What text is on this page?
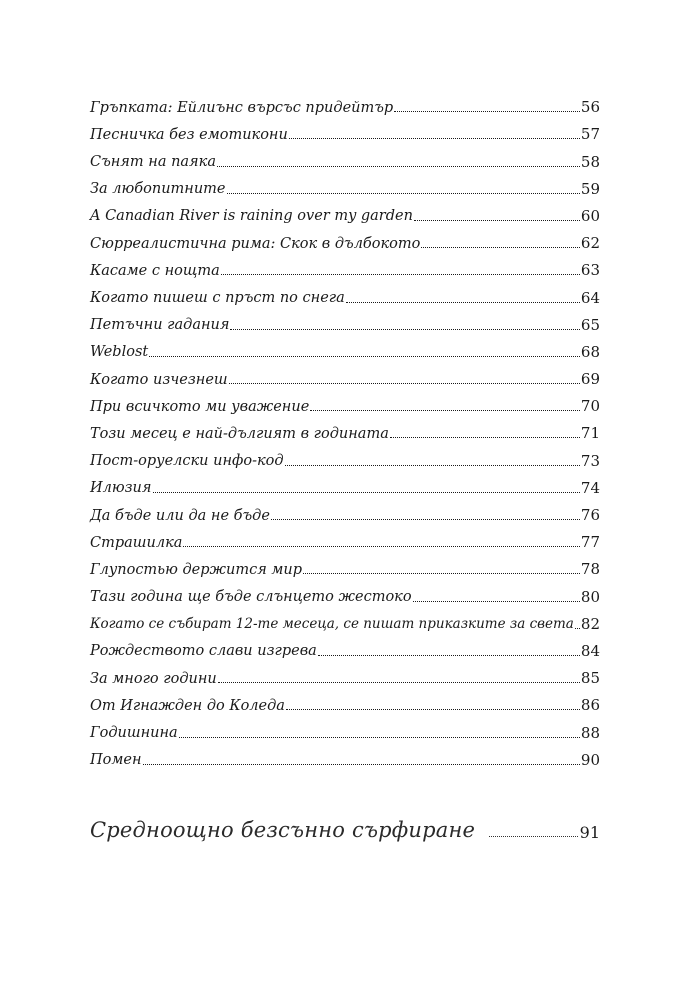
Гръпката: Ейлиънс върсъс придейтър	56
Песничка без емотикони	57
Сънят на паяка	58
За любопитните	59
A Canadian River is raining over my garden	60
Сюрреалистична рима: Скок в дълбокото	62
Касаме с нощта	63
Когато пишеш с пръст по снега	64
Петъчни гадания	65
Weblost	68
Когато изчезнеш	69
При всичкото ми уважение	70
Този месец е най-дългият в годината	71
Пост-оруелски инфо-код	73
Илюзия	74
Да бъде или да не бъде	76
Страшилка	77
Глупостью держится мир	78
Тази година ще бъде слънцето жестоко	80
Когато се събират 12-те месеца, се пишат приказките за света 82
Рождеството слави изгрева	84
За много години	85
От Игнажден до Коледа	86
Годишнина	88
Помен	90
Средноощно безсънно сърфиране	91
